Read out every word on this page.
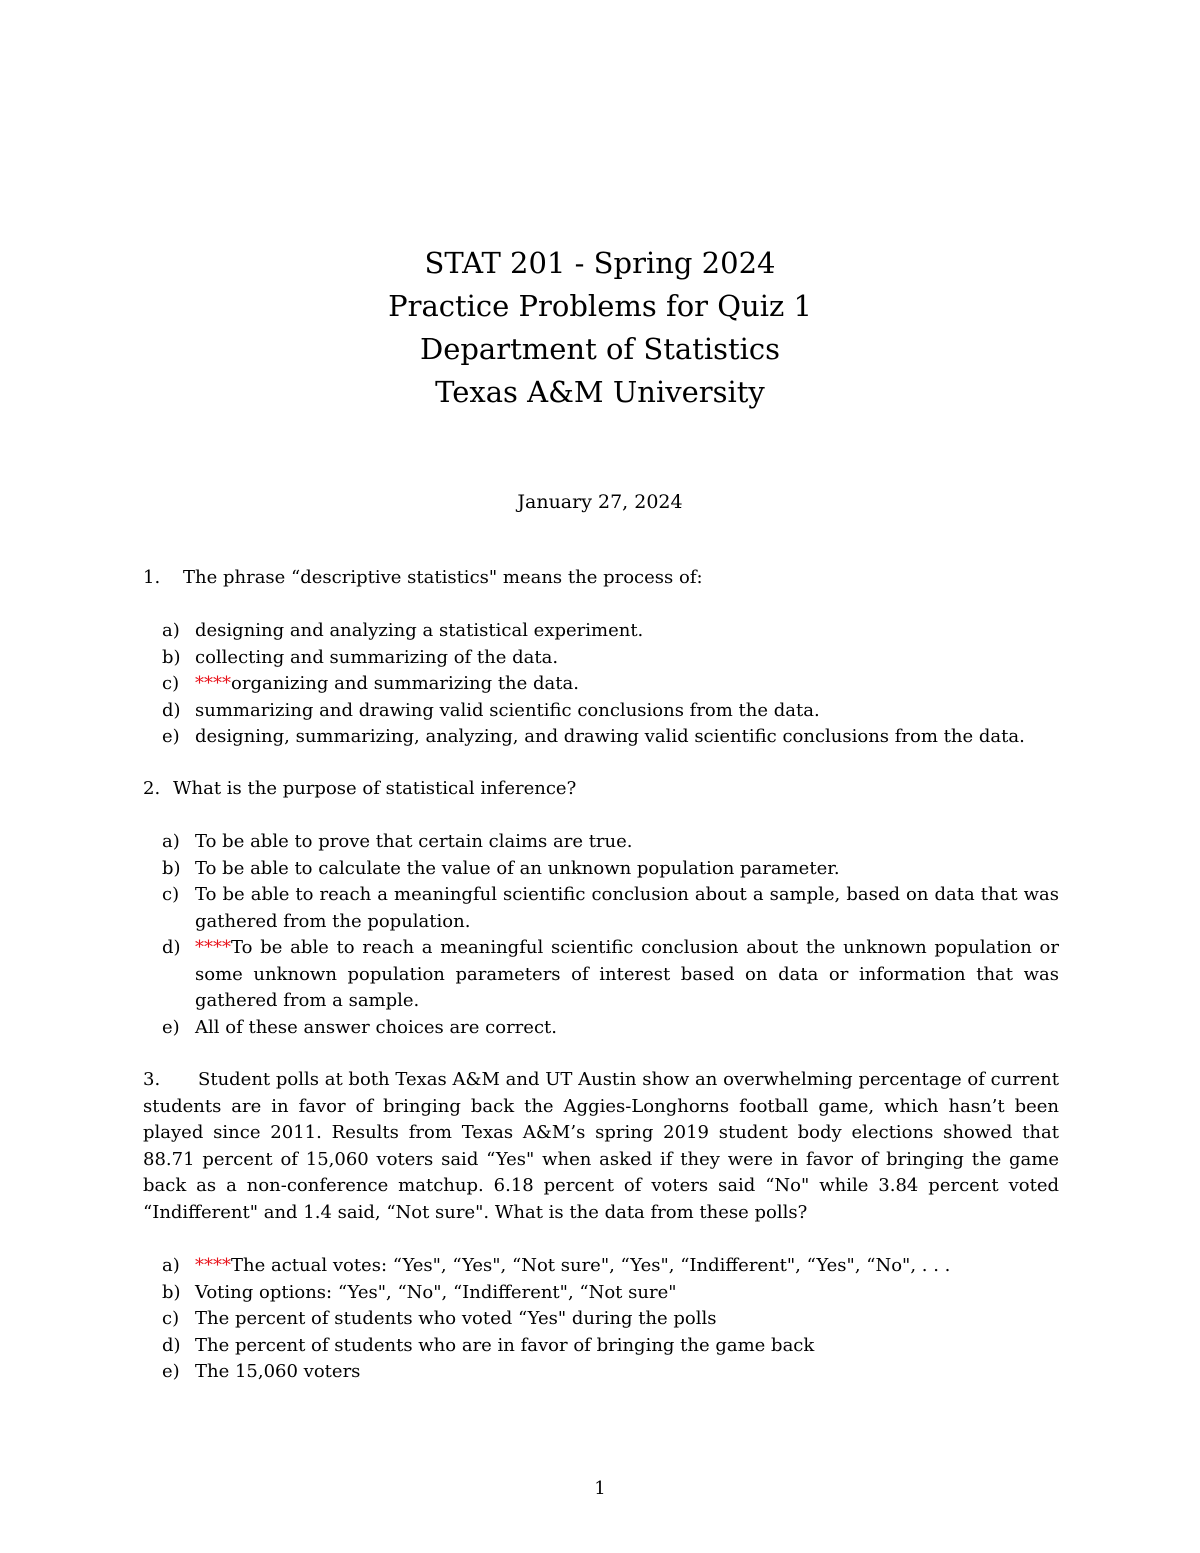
STAT 201 - Spring 2024
Practice Problems for Quiz 1
Department of Statistics
Texas A&M University
January 27, 2024
1. The phrase “descriptive statistics" means the process of:
a) designing and analyzing a statistical experiment.
b) collecting and summarizing of the data.
c) ****organizing and summarizing the data.
d) summarizing and drawing valid scientific conclusions from the data.
e) designing, summarizing, analyzing, and drawing valid scientific conclusions from the data.
2. What is the purpose of statistical inference?
a) To be able to prove that certain claims are true.
b) To be able to calculate the value of an unknown population parameter.
c) To be able to reach a meaningful scientific conclusion about a sample, based on data that was gathered from the population.
d) ****To be able to reach a meaningful scientific conclusion about the unknown population or some unknown population parameters of interest based on data or information that was gathered from a sample.
e) All of these answer choices are correct.
3. Student polls at both Texas A&M and UT Austin show an overwhelming percentage of current students are in favor of bringing back the Aggies-Longhorns football game, which hasn’t been played since 2011. Results from Texas A&M’s spring 2019 student body elections showed that 88.71 percent of 15,060 voters said “Yes" when asked if they were in favor of bringing the game back as a non-conference matchup. 6.18 percent of voters said “No" while 3.84 percent voted “Indifferent" and 1.4 said, “Not sure". What is the data from these polls?
a) ****The actual votes: “Yes", “Yes", “Not sure", “Yes", “Indifferent", “Yes", “No", . . .
b) Voting options: “Yes", “No", “Indifferent", “Not sure"
c) The percent of students who voted “Yes" during the polls
d) The percent of students who are in favor of bringing the game back
e) The 15,060 voters
1
